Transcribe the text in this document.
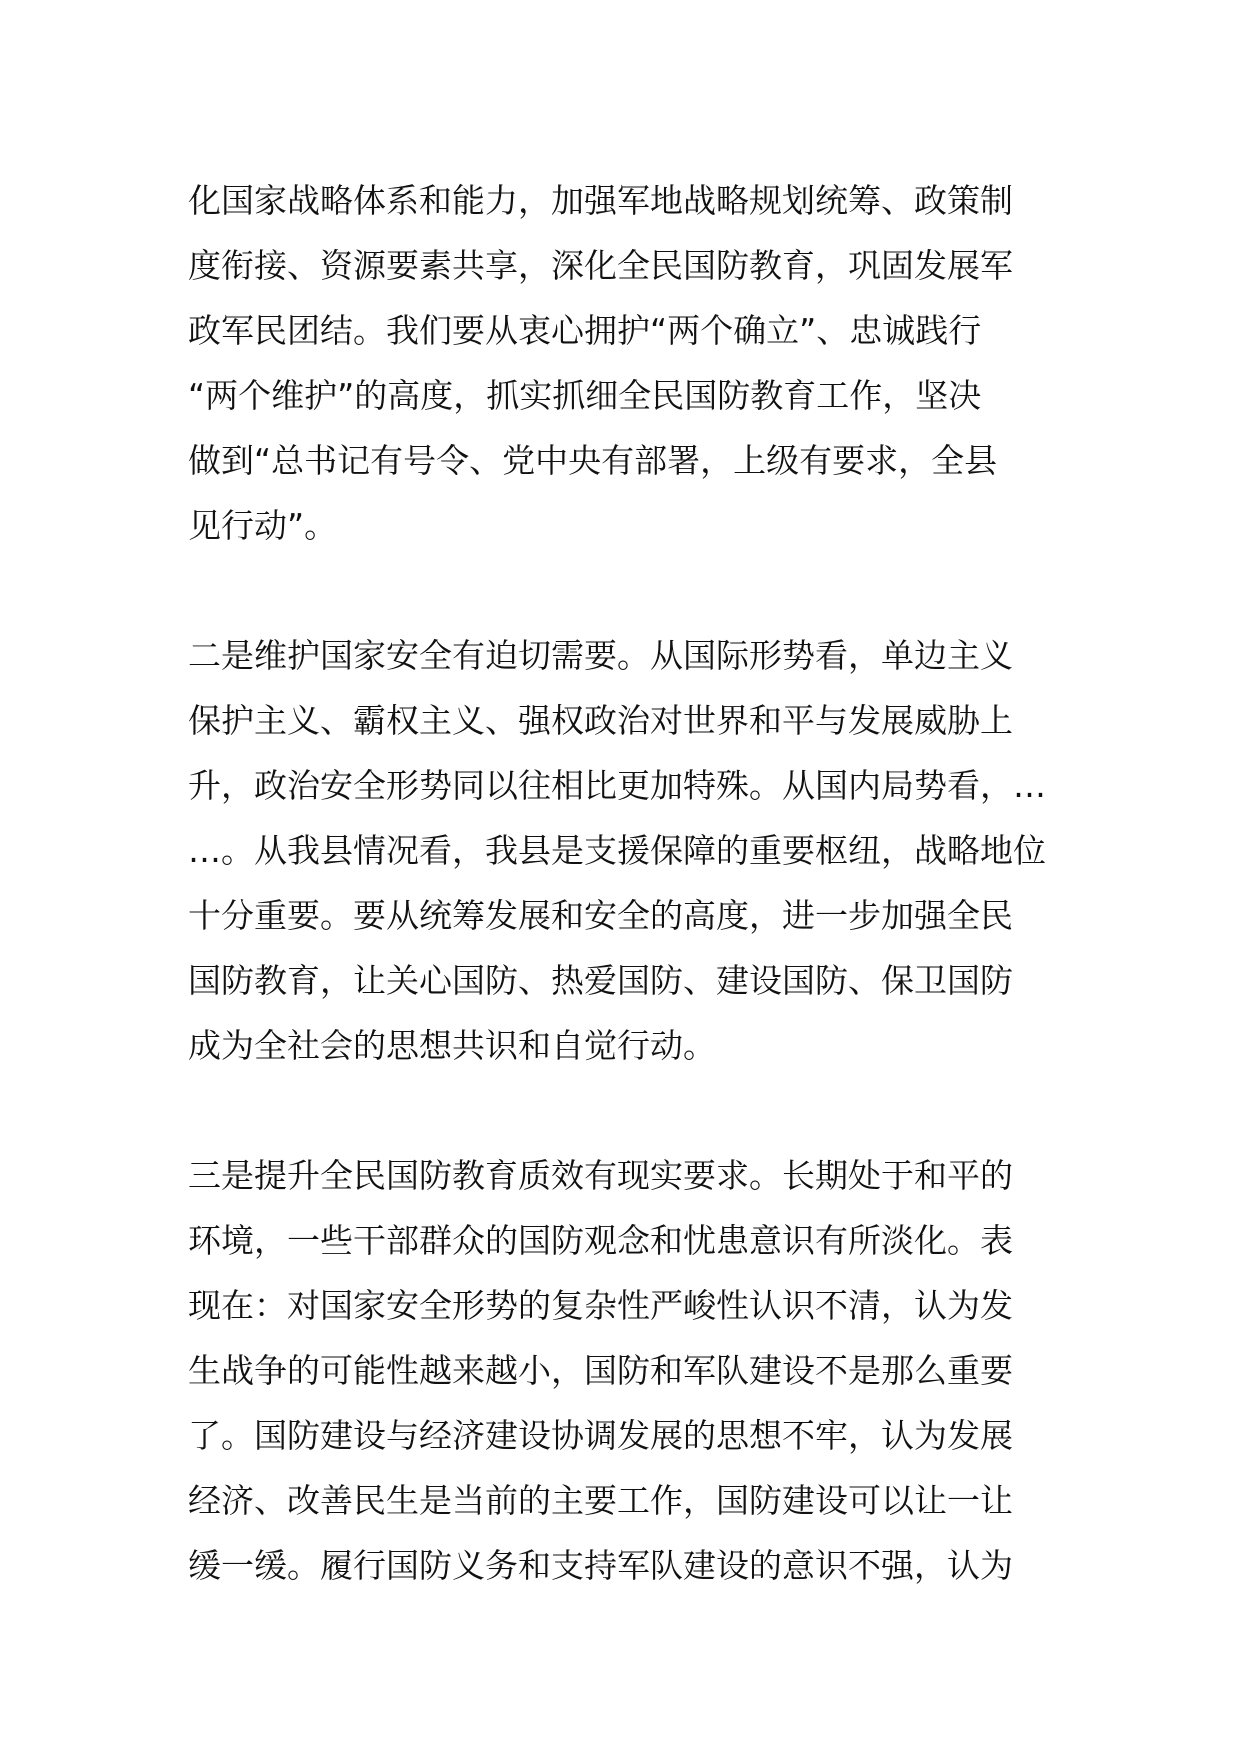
化国家战略体系和能力，加强军地战略规划统筹、政策制
度衔接、资源要素共享，深化全民国防教育，巩固发展军
政军民团结。我们要从衷心拥护“两个确立”、忠诚践行
“两个维护”的高度，抓实抓细全民国防教育工作，坚决
做到“总书记有号令、党中央有部署，上级有要求，全县
见行动”。
二是维护国家安全有迫切需要。从国际形势看，单边主义
保护主义、霸权主义、强权政治对世界和平与发展威胁上
升，政治安全形势同以往相比更加特殊。从国内局势看，…
…。从我县情况看，我县是支援保障的重要枢纽，战略地位
十分重要。要从统筹发展和安全的高度，进一步加强全民
国防教育，让关心国防、热爱国防、建设国防、保卫国防
成为全社会的思想共识和自觉行动。
三是提升全民国防教育质效有现实要求。长期处于和平的
环境，一些干部群众的国防观念和忧患意识有所淡化。表
现在：对国家安全形势的复杂性严峻性认识不清，认为发
生战争的可能性越来越小，国防和军队建设不是那么重要
了。国防建设与经济建设协调发展的思想不牢，认为发展
经济、改善民生是当前的主要工作，国防建设可以让一让
缓一缓。履行国防义务和支持军队建设的意识不强，认为
